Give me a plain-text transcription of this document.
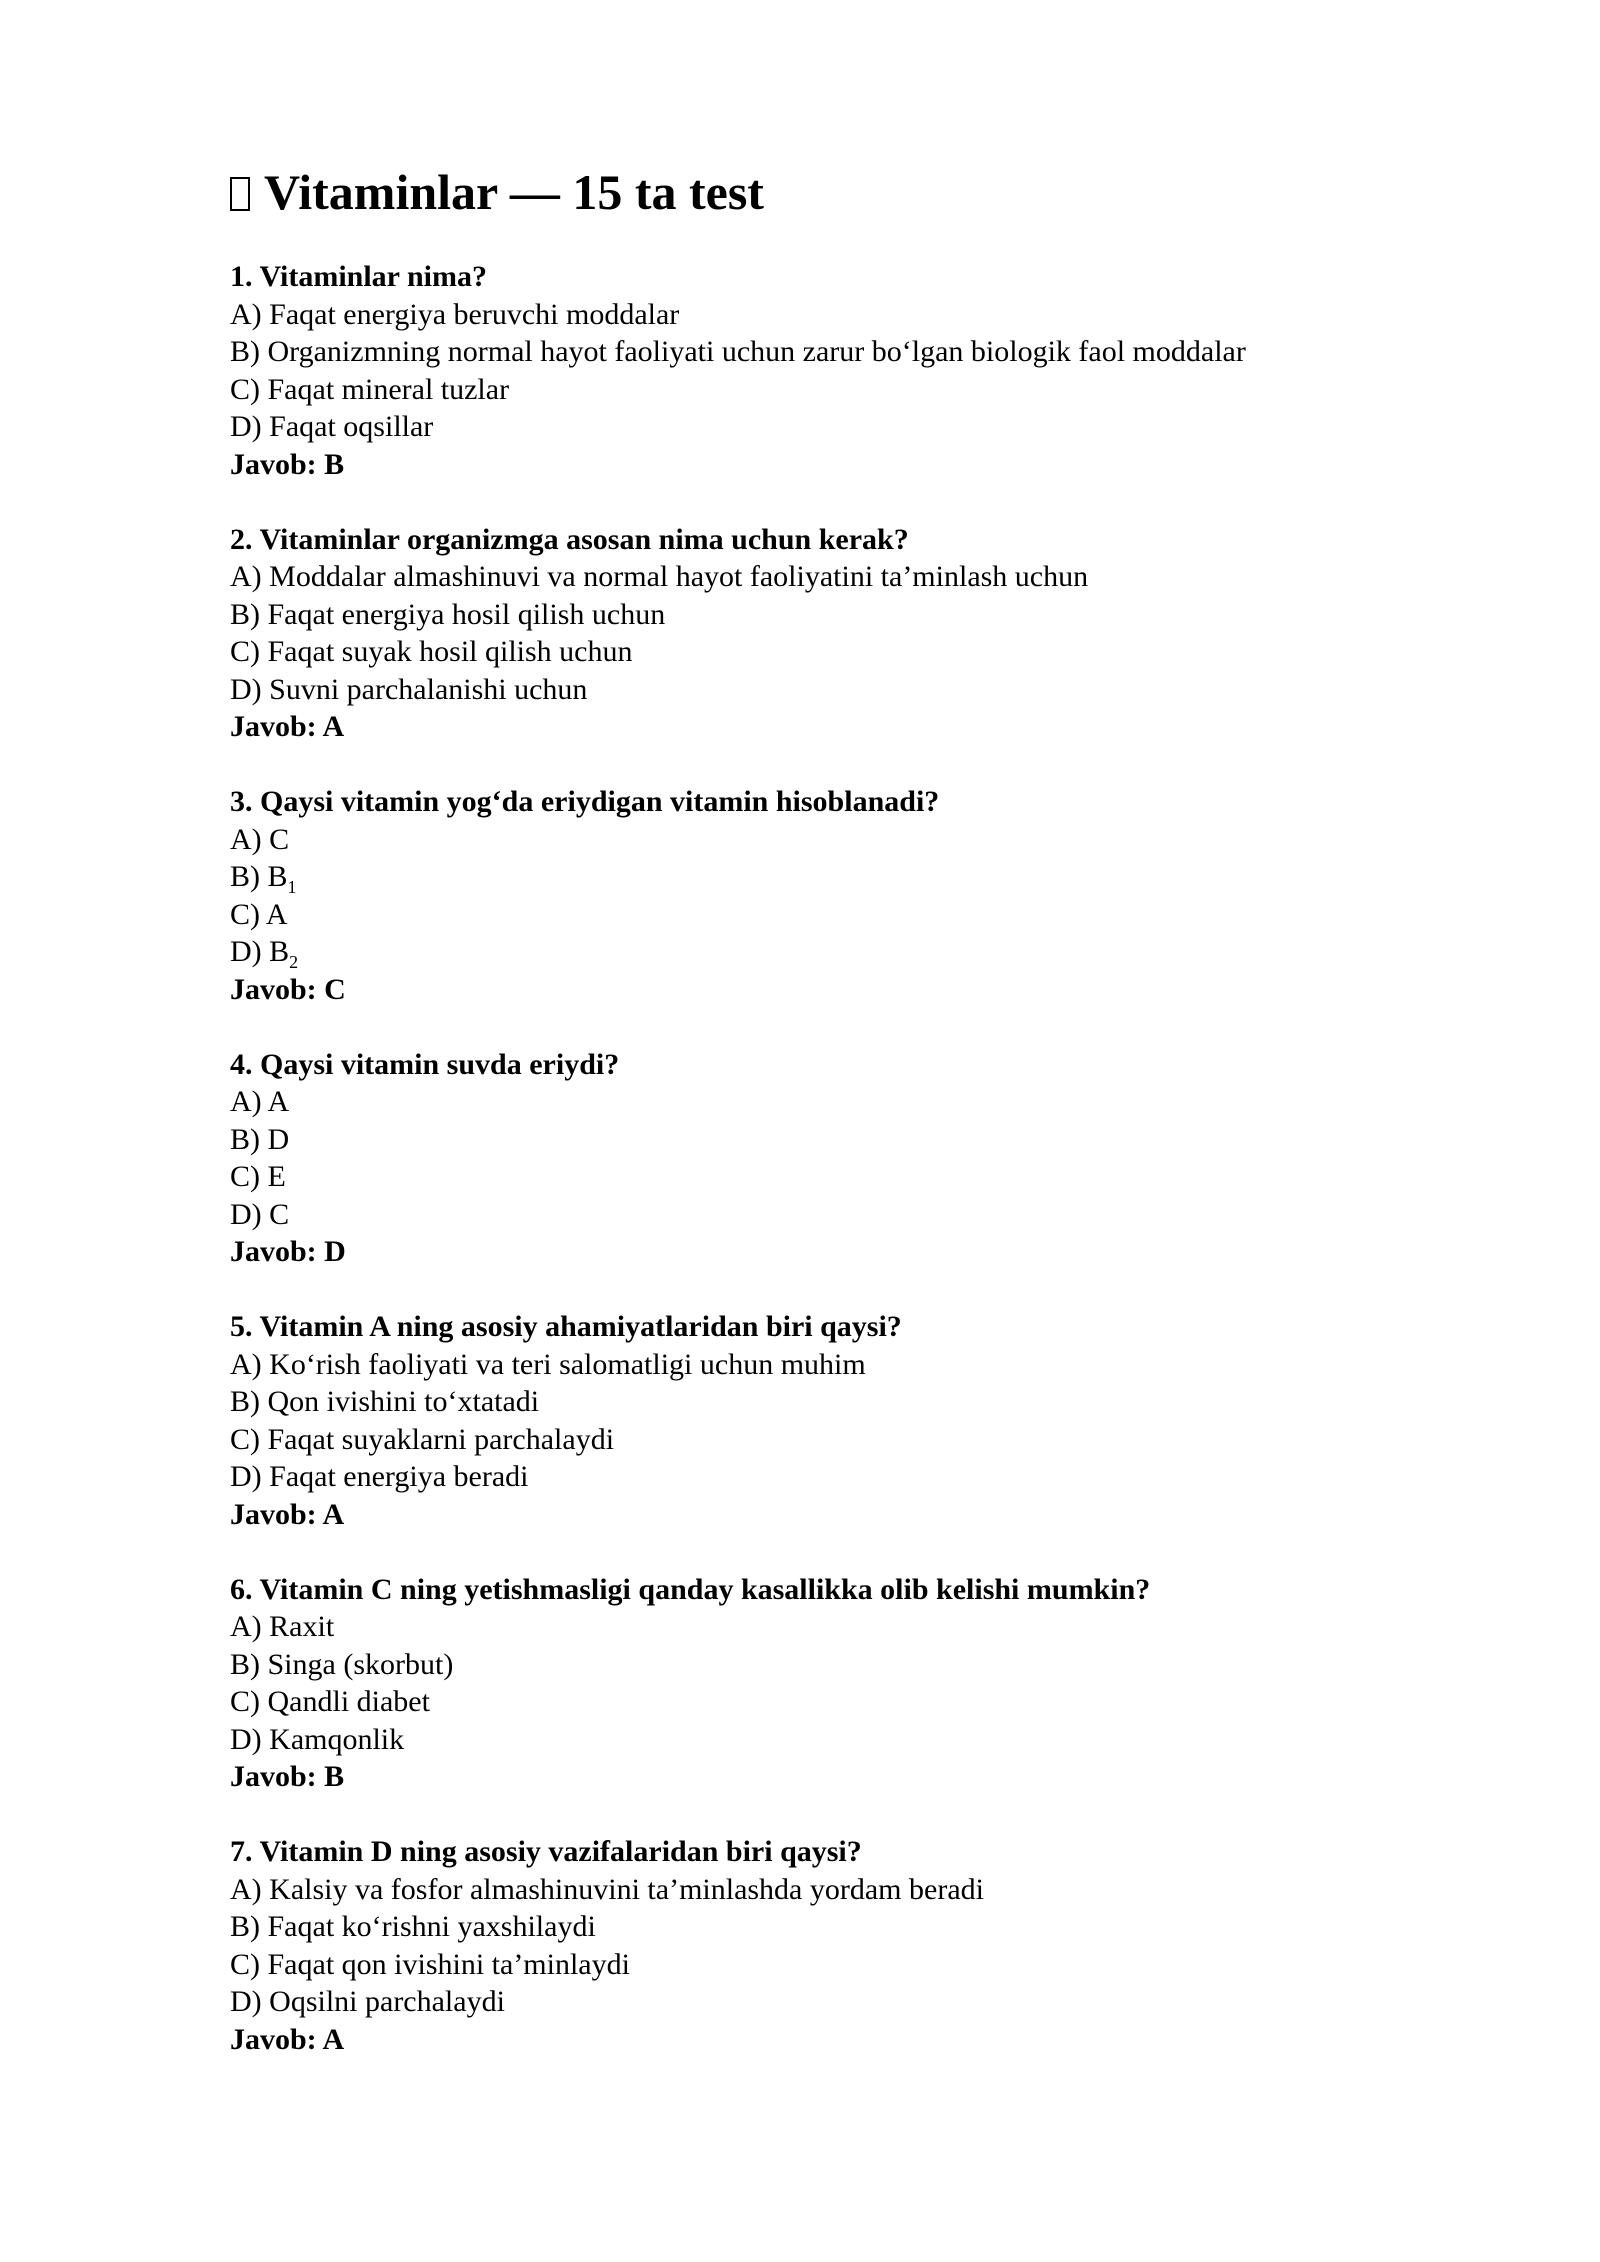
Vitaminlar — 15 ta test
1. Vitaminlar nima?
A) Faqat energiya beruvchi moddalar
B) Organizmning normal hayot faoliyati uchun zarur bo‘lgan biologik faol moddalar
C) Faqat mineral tuzlar
D) Faqat oqsillar
Javob: B
2. Vitaminlar organizmga asosan nima uchun kerak?
A) Moddalar almashinuvi va normal hayot faoliyatini ta’minlash uchun
B) Faqat energiya hosil qilish uchun
C) Faqat suyak hosil qilish uchun
D) Suvni parchalanishi uchun
Javob: A
3. Qaysi vitamin yog‘da eriydigan vitamin hisoblanadi?
A) C
B) $B_1$
C) A
D) $B_2$
Javob: C
4. Qaysi vitamin suvda eriydi?
A) A
B) D
C) E
D) C
Javob: D
5. Vitamin A ning asosiy ahamiyatlaridan biri qaysi?
A) Ko‘rish faoliyati va teri salomatligi uchun muhim
B) Qon ivishini to‘xtatadi
C) Faqat suyaklarni parchalaydi
D) Faqat energiya beradi
Javob: A
6. Vitamin C ning yetishmasligi qanday kasallikka olib kelishi mumkin?
A) Raxit
B) Singa (skorbut)
C) Qandli diabet
D) Kamqonlik
Javob: B
7. Vitamin D ning asosiy vazifalaridan biri qaysi?
A) Kalsiy va fosfor almashinuvini ta’minlashda yordam beradi
B) Faqat ko‘rishni yaxshilaydi
C) Faqat qon ivishini ta’minlaydi
D) Oqsilni parchalaydi
Javob: A
